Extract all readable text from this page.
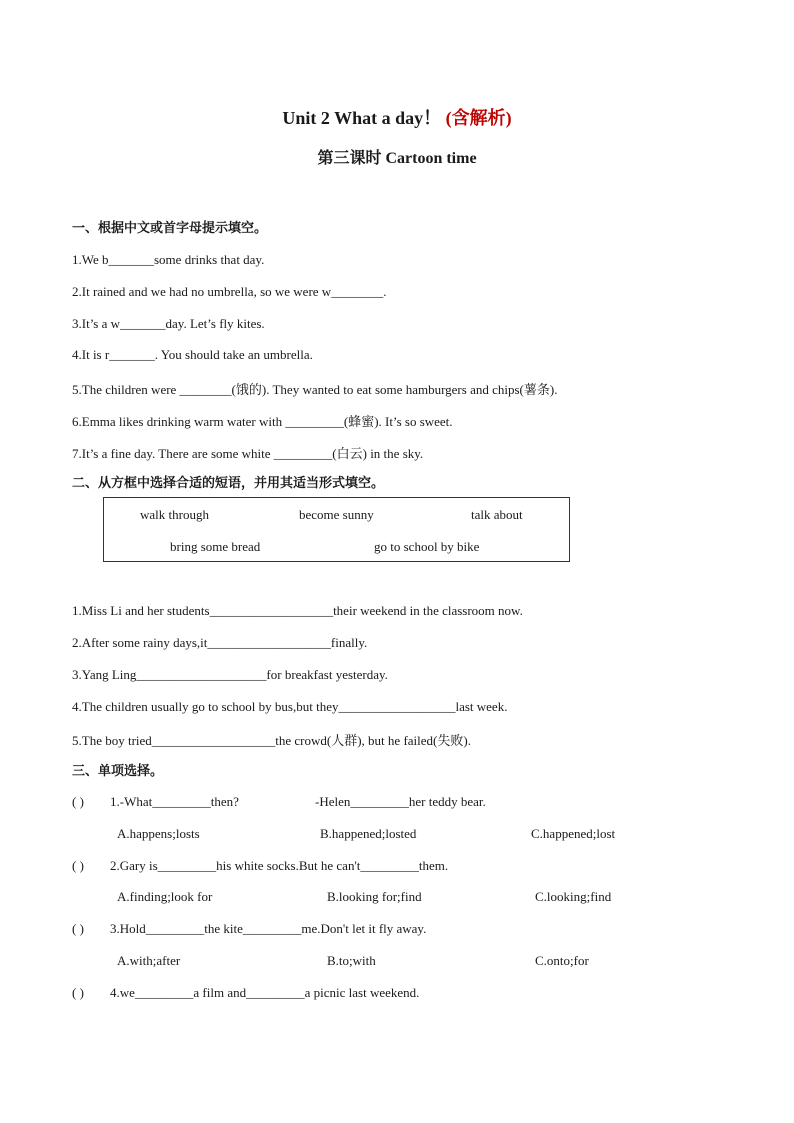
Unit 2 What a day！ (含解析)
第三课时 Cartoon time
一、根据中文或首字母提示填空。
1.We b_______some drinks that day.
2.It rained and we had no umbrella, so we were w________.
3.It’s a w_______day. Let’s fly kites.
4.It is r_______. You should take an umbrella.
5.The children were ________(饿的). They wanted to eat some hamburgers and chips(薯条).
6.Emma likes drinking warm water with _________(蜂蜜). It’s so sweet.
7.It’s a fine day. There are some white _________(白云) in the sky.
二、从方框中选择合适的短语，并用其适当形式填空。
walk through	become sunny	talk about
bring some bread	go to school by bike
1.Miss Li and her students___________________their weekend in the classroom now.
2.After some rainy days,it___________________finally.
3.Yang Ling____________________for breakfast yesterday.
4.The children usually go to school by bus,but they__________________last week.
5.The boy tried___________________the crowd(人群), but he failed(失败).
三、单项选择。
( ) 1.-What_________then?	-Helen_________her teddy bear.
A.happens;losts	B.happened;losted	C.happened;lost
( ) 2.Gary is_________his white socks.But he can't_________them.
A.finding;look for	B.looking for;find	C.looking;find
( ) 3.Hold_________the kite_________me.Don't let it fly away.
A.with;after	B.to;with	C.onto;for
( ) 4.we_________a film and_________a picnic last weekend.
